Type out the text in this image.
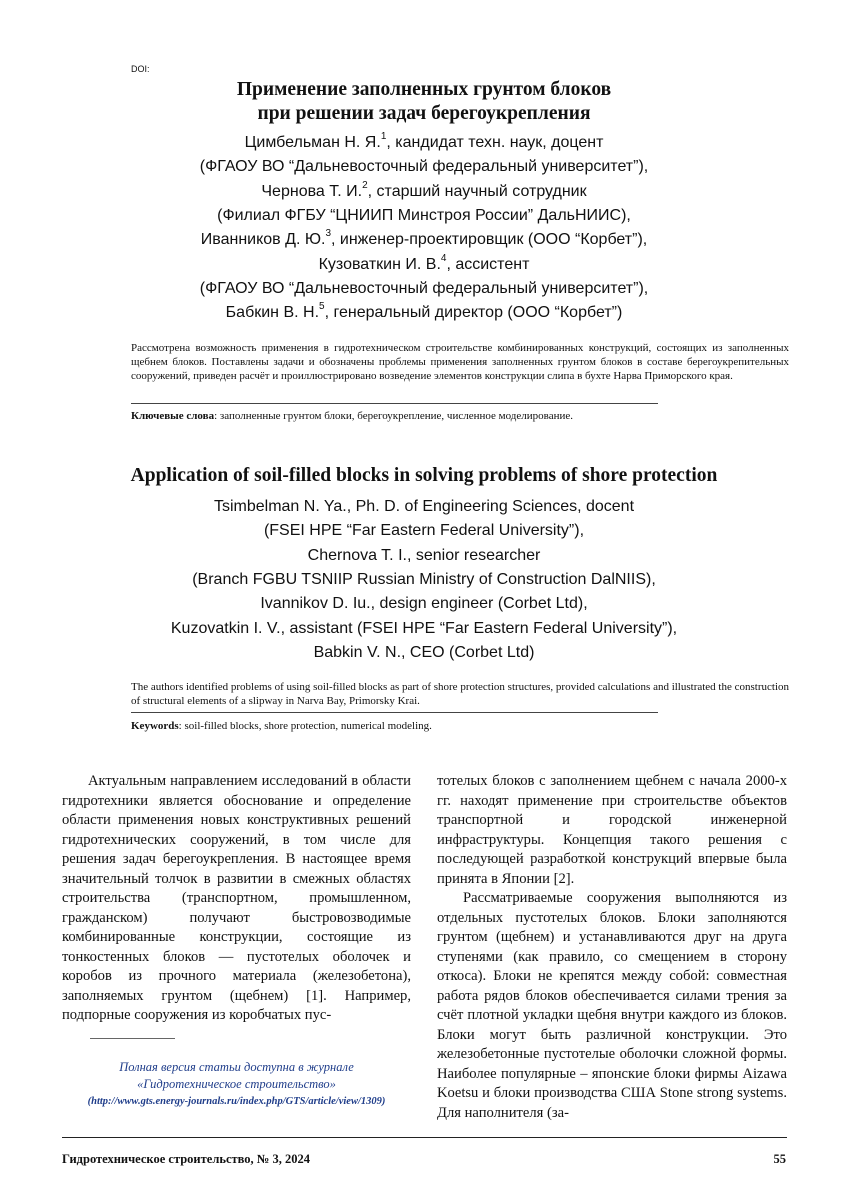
DOI:
Применение заполненных грунтом блоков
при решении задач берегоукрепления
Цимбельман Н. Я.$^1$, кандидат техн. наук, доцент
(ФГАОУ ВО “Дальневосточный федеральный университет”),
Чернова Т. И.$^2$, старший научный сотрудник
(Филиал ФГБУ “ЦНИИП Минстроя России” ДальНИИС),
Иванников Д. Ю.$^3$, инженер-проектировщик (ООО “Корбет”),
Кузоваткин И. В.$^4$, ассистент
(ФГАОУ ВО “Дальневосточный федеральный университет”),
Бабкин В. Н.$^5$, генеральный директор (ООО “Корбет”)
Рассмотрена возможность применения в гидротехническом строительстве комбинированных конструкций, состоящих из заполненных щебнем блоков. Поставлены задачи и обозначены проблемы применения заполненных грунтом блоков в составе берегоукрепительных сооружений, приведен расчёт и проиллюстрировано возведение элементов конструкции слипа в бухте Нарва Приморского края.
Ключевые слова: заполненные грунтом блоки, берегоукрепление, численное моделирование.
Application of soil-filled blocks in solving problems of shore protection
Tsimbelman N. Ya., Ph. D. of Engineering Sciences, docent
(FSEI HPE “Far Eastern Federal University”),
Chernova T. I., senior researcher
(Branch FGBU TSNIIP Russian Ministry of Construction DalNIIS),
Ivannikov D. Iu., design engineer (Corbet Ltd),
Kuzovatkin I. V., assistant (FSEI HPE “Far Eastern Federal University”),
Babkin V. N., CEO (Corbet Ltd)
The authors identified problems of using soil-filled blocks as part of shore protection structures, provided calculations and illustrated the construction of structural elements of a slipway in Narva Bay, Primorsky Krai.
Keywords: soil-filled blocks, shore protection, numerical modeling.

Актуальным направлением исследований в области гидротехники является обоснование и определение области применения новых конструктивных решений гидротехнических сооружений, в том числе для решения задач берегоукрепления. В настоящее время значительный толчок в развитии в смежных областях строительства (транспортном, промышленном, гражданском) получают быстровозводимые комбинированные конструкции, состоящие из тонкостенных блоков — пустотелых оболочек и коробов из прочного материала (железобетона), заполняемых грунтом (щебнем) [1]. Например, подпорные сооружения из коробчатых пус-

Полная версия статьи доступна в журнале
«Гидротехническое строительство»
(http://www.gts.energy-journals.ru/index.php/GTS/article/view/1309)

тотелых блоков с заполнением щебнем с начала 2000-х гг. находят применение при строительстве объектов транспортной и городской инженерной инфраструктуры. Концепция такого решения с последующей разработкой конструкций впервые была принята в Японии [2].

Рассматриваемые сооружения выполняются из отдельных пустотелых блоков. Блоки заполняются грунтом (щебнем) и устанавливаются друг на друга ступенями (как правило, со смещением в сторону откоса). Блоки не крепятся между собой: совместная работа рядов блоков обеспечивается силами трения за счёт плотной укладки щебня внутри каждого из блоков. Блоки могут быть различной конструкции. Это железобетонные пустотелые оболочки сложной формы. Наиболее популярные – японские блоки фирмы Aizawa Koetsu и блоки производства США Stone strong systems. Для наполнителя (за-

Гидротехническое строительство, № 3, 2024	55
